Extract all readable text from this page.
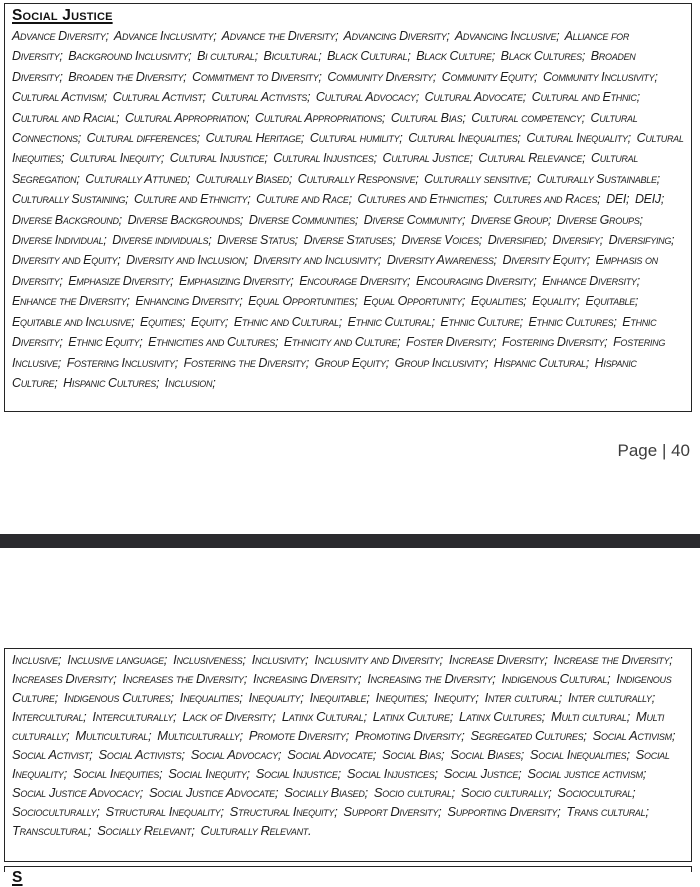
Social Justice

Advance Diversity;  Advance Inclusivity;  Advance the Diversity;  Advancing Diversity;  Advancing Inclusive;  Alliance for Diversity;  Background Inclusivity;  Bi cultural;  Bicultural;  Black Cultural;  Black Culture;  Black Cultures;  Broaden Diversity;  Broaden the Diversity;  Commitment to Diversity;  Community Diversity;  Community Equity;  Community Inclusivity;  Cultural Activism;  Cultural Activist;  Cultural Activists;  Cultural Advocacy;  Cultural Advocate;  Cultural and Ethnic;  Cultural and Racial;  Cultural Appropriation;  Cultural Appropriations;  Cultural Bias;  Cultural competency;  Cultural Connections;  Cultural differences;  Cultural Heritage;  Cultural humility;  Cultural Inequalities;  Cultural Inequality;  Cultural Inequities;  Cultural Inequity;  Cultural Injustice;  Cultural Injustices;  Cultural Justice;  Cultural Relevance;  Cultural Segregation;  Culturally Attuned;  Culturally Biased;  Culturally Responsive;  Culturally sensitive;  Culturally Sustainable;  Culturally Sustaining;  Culture and Ethnicity;  Culture and Race;  Cultures and Ethnicities;  Cultures and Races;  DEI;  DEIJ;  Diverse Background;  Diverse Backgrounds;  Diverse Communities;  Diverse Community;  Diverse Group;  Diverse Groups;  Diverse Individual;  Diverse individuals;  Diverse Status;  Diverse Statuses;  Diverse Voices;  Diversified;  Diversify;  Diversifying;  Diversity and Equity;  Diversity and Inclusion;  Diversity and Inclusivity;  Diversity Awareness;  Diversity Equity;  Emphasis on Diversity;  Emphasize Diversity;  Emphasizing Diversity;  Encourage Diversity;  Encouraging Diversity;  Enhance Diversity;  Enhance the Diversity;  Enhancing Diversity;  Equal Opportunities;  Equal Opportunity;  Equalities;  Equality;  Equitable;  Equitable and Inclusive;  Equities;  Equity;  Ethnic and Cultural;  Ethnic Cultural;  Ethnic Culture;  Ethnic Cultures;  Ethnic Diversity;  Ethnic Equity;  Ethnicities and Cultures;  Ethnicity and Culture;  Foster Diversity;  Fostering Diversity;  Fostering Inclusive;  Fostering Inclusivity;  Fostering the Diversity;  Group Equity;  Group Inclusivity;  Hispanic Cultural;  Hispanic Culture;  Hispanic Cultures;  Inclusion;

Page | 40

Inclusive;  Inclusive language;  Inclusiveness;  Inclusivity;  Inclusivity and Diversity;  Increase Diversity;  Increase the Diversity;  Increases Diversity;  Increases the Diversity;  Increasing Diversity;  Increasing the Diversity;  Indigenous Cultural;  Indigenous Culture;  Indigenous Cultures;  Inequalities;  Inequality;  Inequitable;  Inequities;  Inequity;  Inter cultural;  Inter culturally;  Intercultural;  Interculturally;  Lack of Diversity;  Latinx Cultural;  Latinx Culture;  Latinx Cultures;  Multi cultural;  Multi culturally;  Multicultural;  Multiculturally;  Promote Diversity;  Promoting Diversity;  Segregated Cultures;  Social Activism;  Social Activist;  Social Activists;  Social Advocacy;  Social Advocate;  Social Bias;  Social Biases;  Social Inequalities;  Social Inequality;  Social Inequities;  Social Inequity;  Social Injustice;  Social Injustices;  Social Justice;  Social justice activism;  Social Justice Advocacy;  Social Justice Advocate;  Socially Biased;  Socio cultural;  Socio culturally;  Sociocultural;  Socioculturally;  Structural Inequality;  Structural Inequity;  Support Diversity;  Supporting Diversity;  Trans cultural;  Transcultural;  Socially Relevant;  Culturally Relevant.

S
